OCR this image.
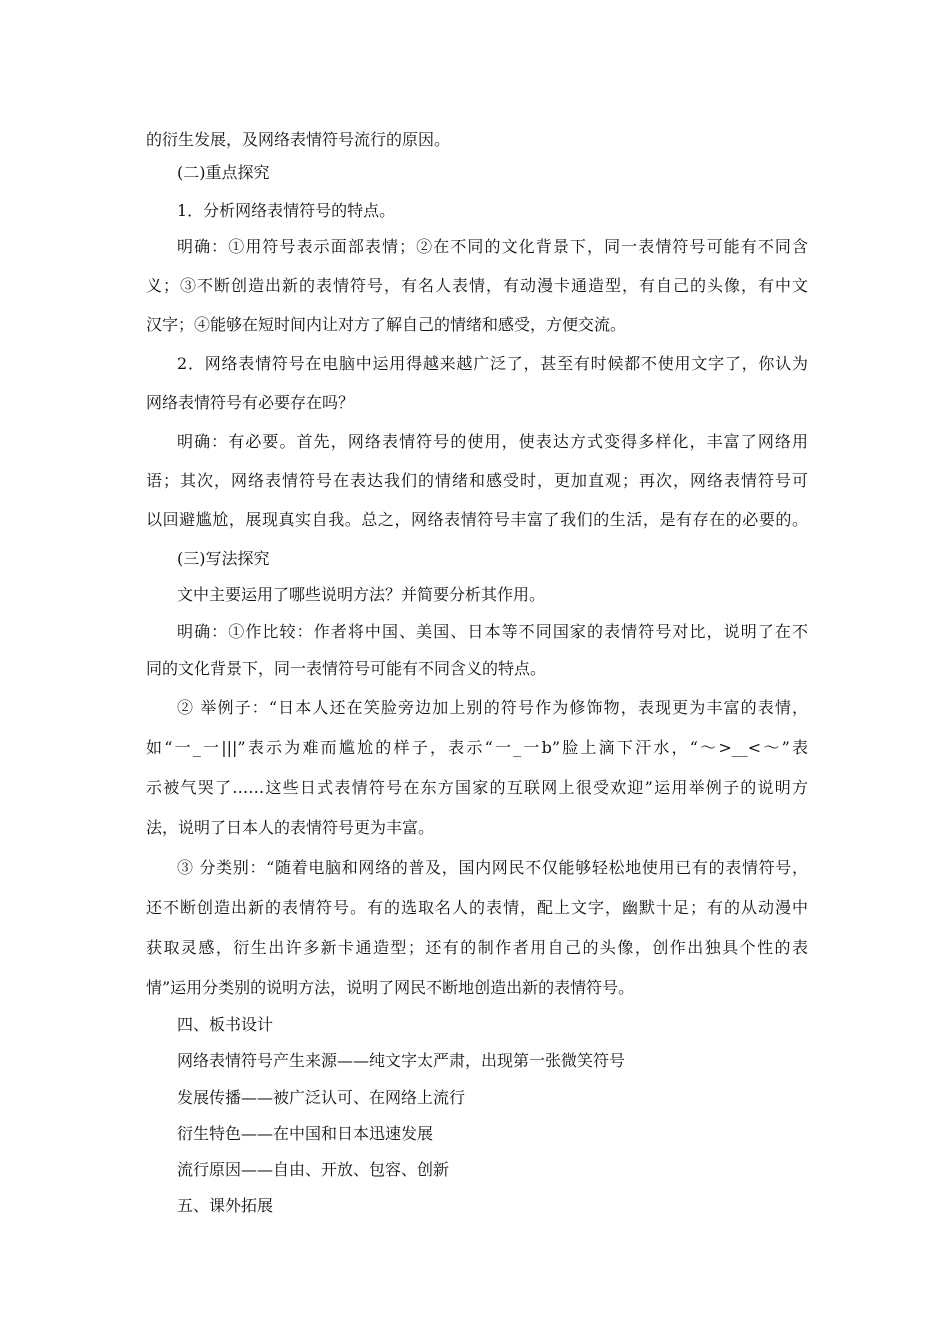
的衍生发展，及网络表情符号流行的原因。
(二)重点探究
1．分析网络表情符号的特点。
明确：①用符号表示面部表情；②在不同的文化背景下，同一表情符号可能有不同含
义；③不断创造出新的表情符号，有名人表情，有动漫卡通造型，有自己的头像，有中文
汉字；④能够在短时间内让对方了解自己的情绪和感受，方便交流。
2．网络表情符号在电脑中运用得越来越广泛了，甚至有时候都不使用文字了，你认为
网络表情符号有必要存在吗？
明确：有必要。首先，网络表情符号的使用，使表达方式变得多样化，丰富了网络用
语；其次，网络表情符号在表达我们的情绪和感受时，更加直观；再次，网络表情符号可
以回避尴尬，展现真实自我。总之，网络表情符号丰富了我们的生活，是有存在的必要的。
(三)写法探究
文中主要运用了哪些说明方法？并简要分析其作用。
明确：①作比较：作者将中国、美国、日本等不同国家的表情符号对比，说明了在不
同的文化背景下，同一表情符号可能有不同含义的特点。
② 举例子：“日本人还在笑脸旁边加上别的符号作为修饰物，表现更为丰富的表情，
如“一_一|||”表示为难而尴尬的样子，表示“一_一b”脸上滴下汗水，“～>__<～”表
示被气哭了……这些日式表情符号在东方国家的互联网上很受欢迎”运用举例子的说明方
法，说明了日本人的表情符号更为丰富。
③ 分类别：“随着电脑和网络的普及，国内网民不仅能够轻松地使用已有的表情符号，
还不断创造出新的表情符号。有的选取名人的表情，配上文字，幽默十足；有的从动漫中
获取灵感，衍生出许多新卡通造型；还有的制作者用自己的头像，创作出独具个性的表
情”运用分类别的说明方法，说明了网民不断地创造出新的表情符号。
四、板书设计
网络表情符号产生来源——纯文字太严肃，出现第一张微笑符号
发展传播——被广泛认可、在网络上流行
衍生特色——在中国和日本迅速发展
流行原因——自由、开放、包容、创新
五、课外拓展
